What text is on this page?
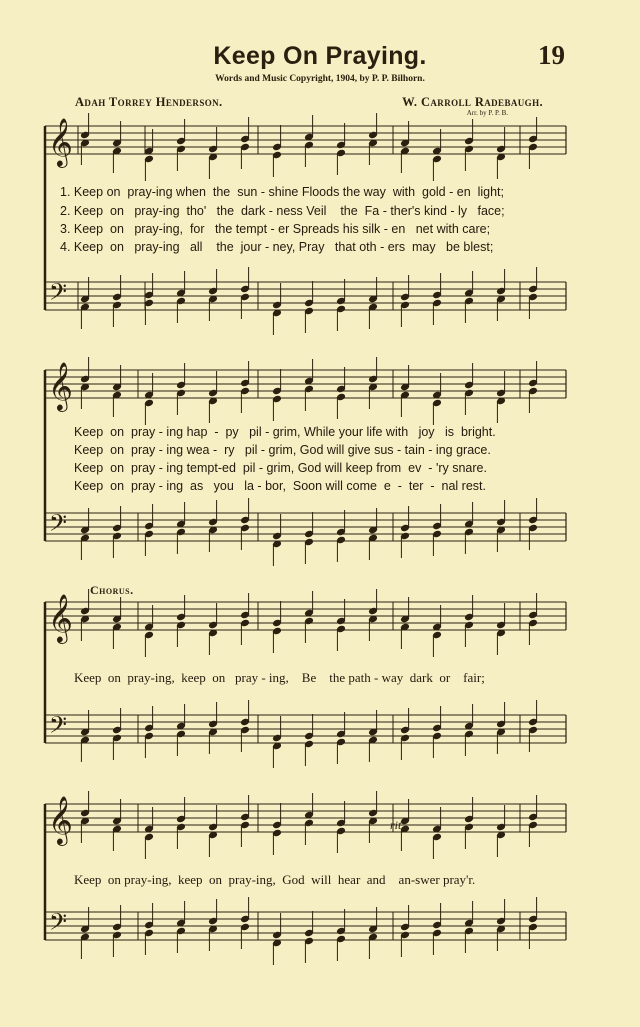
Keep On Praying.	19
Words and Music Copyright, 1904, by P. P. Bilhorn.
Adah Torrey Henderson.	W. Carroll Radebaugh.
Arr. by P. P. B.
𝄞
𝄢
𝄞
𝄢
𝄞
𝄢
𝄞
𝄢
1. Keep on  pray-ing when  the  sun - shine Floods the way  with  gold - en  light;
2. Keep  on   pray-ing  tho'   the  dark - ness Veil    the  Fa - ther's kind - ly   face;
3. Keep  on   pray-ing,  for   the tempt - er Spreads his silk - en   net with care;
4. Keep  on   pray-ing   all    the  jour - ney, Pray   that oth - ers  may   be blest;
Keep  on  pray - ing hap  -  py   pil - grim, While your life with   joy   is  bright.
Keep  on  pray - ing wea -  ry   pil - grim, God will give sus - tain - ing grace.
Keep  on  pray - ing tempt-ed  pil - grim, God will keep from  ev  - 'ry snare.
Keep  on  pray - ing  as   you   la - bor,  Soon will come  e  -  ter  -  nal rest.
Chorus.
Keep  on  pray-ing,  keep  on   pray - ing,    Be    the path - way  dark  or    fair;
rit.
Keep  on pray-ing,  keep  on  pray-ing,  God  will  hear  and    an-swer pray'r.
